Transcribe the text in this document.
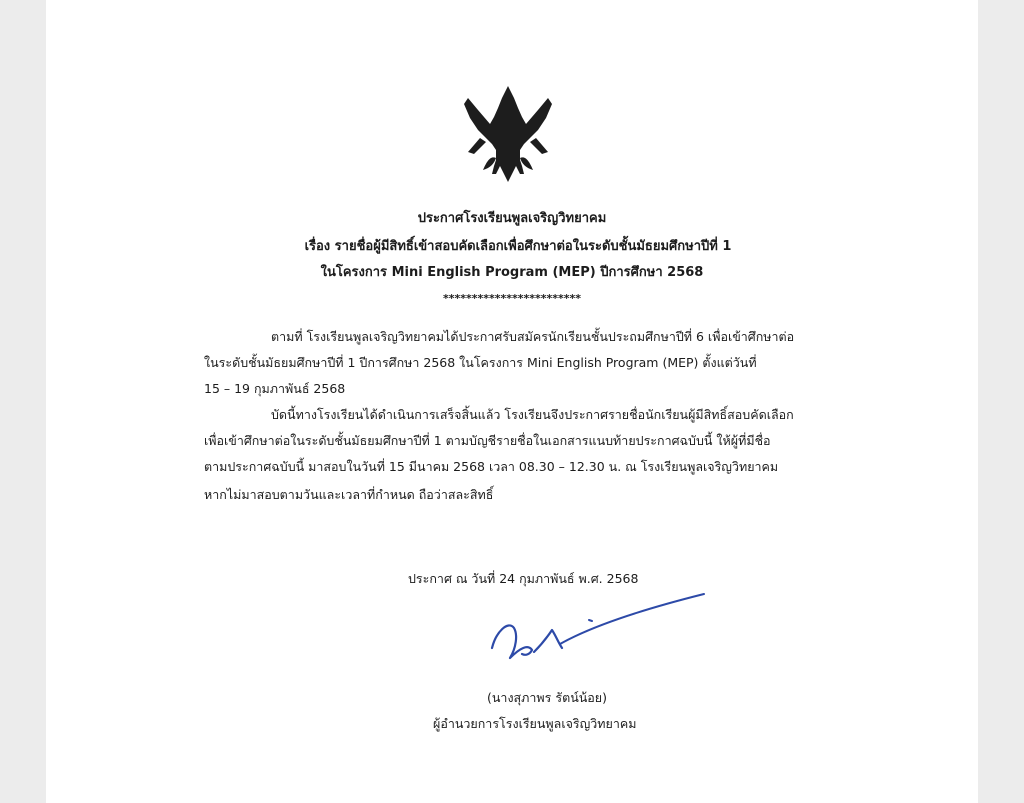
ประกาศโรงเรียนพูลเจริญวิทยาคม
เรื่อง รายชื่อผู้มีสิทธิ์เข้าสอบคัดเลือกเพื่อศึกษาต่อในระดับชั้นมัธยมศึกษาปีที่ 1
ในโครงการ Mini English Program (MEP) ปีการศึกษา 2568
************************
ตามที่ โรงเรียนพูลเจริญวิทยาคมได้ประกาศรับสมัครนักเรียนชั้นประถมศึกษาปีที่ 6 เพื่อเข้าศึกษาต่อ
ในระดับชั้นมัธยมศึกษาปีที่ 1 ปีการศึกษา 2568 ในโครงการ Mini English Program (MEP) ตั้งแต่วันที่
15 – 19 กุมภาพันธ์ 2568
บัดนี้ทางโรงเรียนได้ดำเนินการเสร็จสิ้นแล้ว โรงเรียนจึงประกาศรายชื่อนักเรียนผู้มีสิทธิ์สอบคัดเลือก
เพื่อเข้าศึกษาต่อในระดับชั้นมัธยมศึกษาปีที่ 1 ตามบัญชีรายชื่อในเอกสารแนบท้ายประกาศฉบับนี้ ให้ผู้ที่มีชื่อ
ตามประกาศฉบับนี้ มาสอบในวันที่ 15 มีนาคม 2568 เวลา 08.30 – 12.30 น. ณ โรงเรียนพูลเจริญวิทยาคม
หากไม่มาสอบตามวันและเวลาที่กำหนด ถือว่าสละสิทธิ์
ประกาศ ณ วันที่ 24 กุมภาพันธ์ พ.ศ. 2568
(นางสุภาพร รัตน์น้อย)
ผู้อำนวยการโรงเรียนพูลเจริญวิทยาคม
